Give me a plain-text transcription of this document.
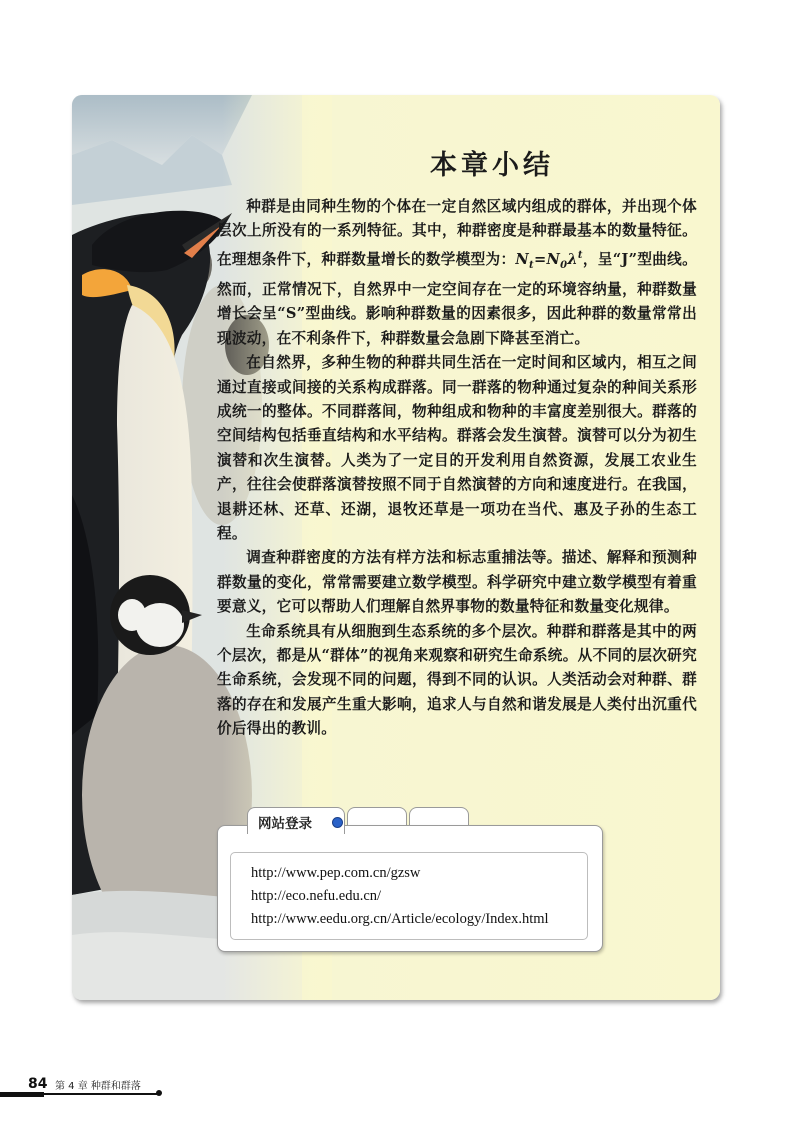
本章小结

种群是由同种生物的个体在一定自然区域内组成的群体，并出现个体层次上所没有的一系列特征。其中，种群密度是种群最基本的数量特征。在理想条件下，种群数量增长的数学模型为：$N_t=N_0\lambda^t$，呈“J”型曲线。然而，正常情况下，自然界中一定空间存在一定的环境容纳量，种群数量增长会呈“S”型曲线。影响种群数量的因素很多，因此种群的数量常常出现波动，在不利条件下，种群数量会急剧下降甚至消亡。

在自然界，多种生物的种群共同生活在一定时间和区域内，相互之间通过直接或间接的关系构成群落。同一群落的物种通过复杂的种间关系形成统一的整体。不同群落间，物种组成和物种的丰富度差别很大。群落的空间结构包括垂直结构和水平结构。群落会发生演替。演替可以分为初生演替和次生演替。人类为了一定目的开发利用自然资源，发展工农业生产，往往会使群落演替按照不同于自然演替的方向和速度进行。在我国，退耕还林、还草、还湖，退牧还草是一项功在当代、惠及子孙的生态工程。

调查种群密度的方法有样方法和标志重捕法等。描述、解释和预测种群数量的变化，常常需要建立数学模型。科学研究中建立数学模型有着重要意义，它可以帮助人们理解自然界事物的数量特征和数量变化规律。

生命系统具有从细胞到生态系统的多个层次。种群和群落是其中的两个层次，都是从“群体”的视角来观察和研究生命系统。从不同的层次研究生命系统，会发现不同的问题，得到不同的认识。人类活动会对种群、群落的存在和发展产生重大影响，追求人与自然和谐发展是人类付出沉重代价后得出的教训。

http://www.pep.com.cn/gzsw
http://eco.nefu.edu.cn/
http://www.eedu.org.cn/Article/ecology/Index.html
网站登录
84 第 4 章 种群和群落
